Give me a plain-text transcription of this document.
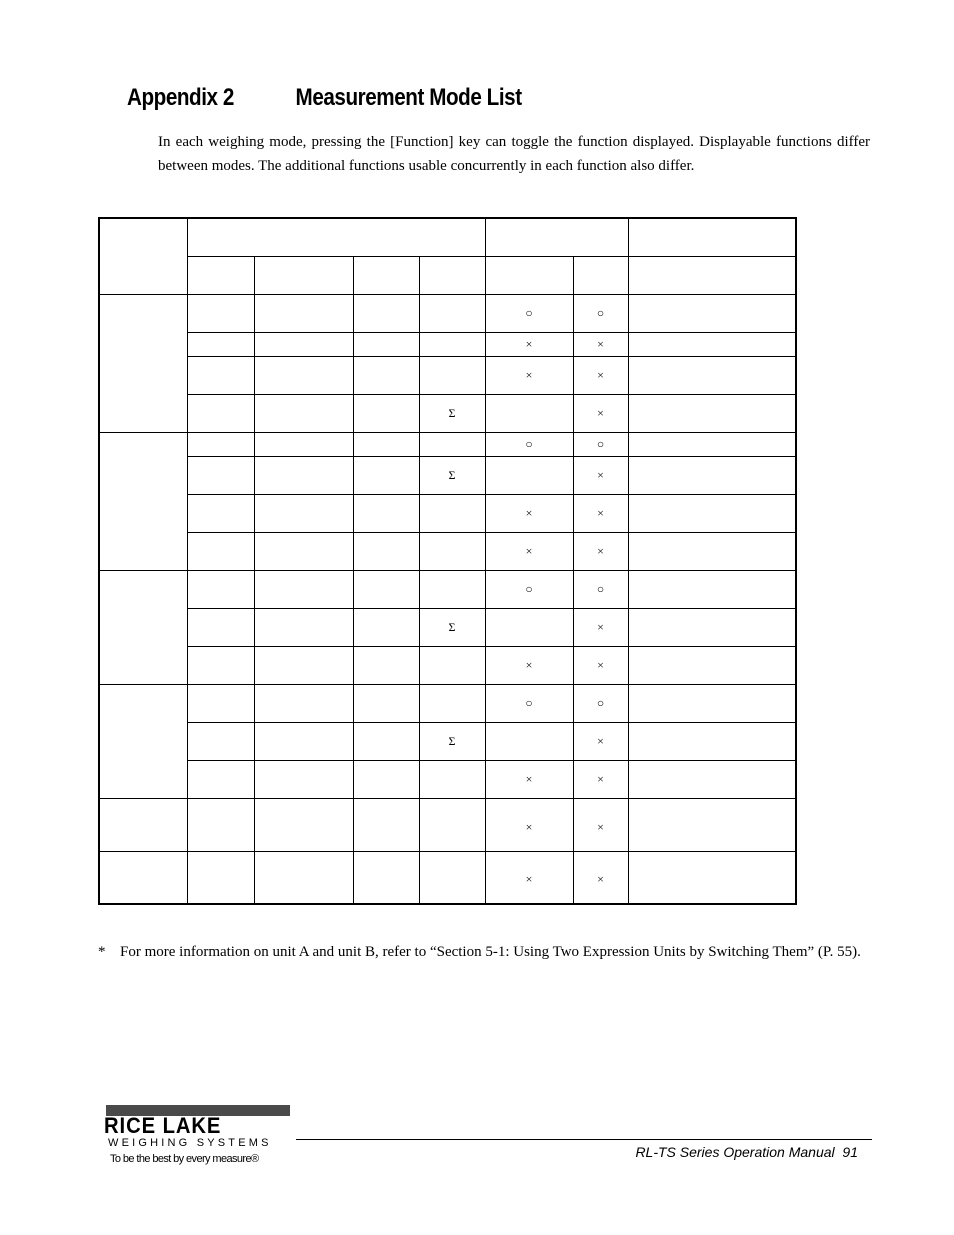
Appendix 2	Measurement Mode List

In each weighing mode, pressing the [Function] key can toggle the function displayed. Displayable functions differ between modes. The additional functions usable concurrently in each function also differ.

					○	○	
					×	×	
					×	×	
				Σ		×	
					○	○	
				Σ		×	
					×	×	
					×	×	
					○	○	
				Σ		×	
					×	×	
					○	○	
				Σ		×	
					×	×	
					×	×	
					×	×	
* For more information on unit A and unit B, refer to “Section 5-1: Using Two Expression Units by Switching Them” (P. 55).
RICE LAKE
WEIGHING SYSTEMS
To be the best by every measure®	RL-TS Series Operation Manual 91
